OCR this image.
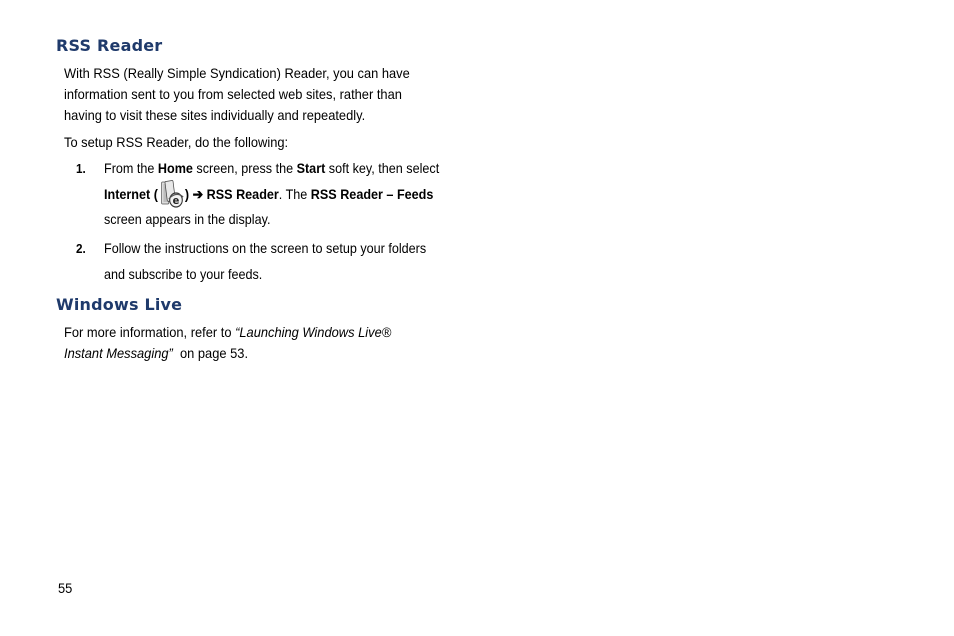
RSS Reader

With RSS (Really Simple Syndication) Reader, you can have
information sent to you from selected web sites, rather than
having to visit these sites individually and repeatedly.

To setup RSS Reader, do the following:

1. From the Home screen, press the Start soft key, then select
Internet ( e ) ➔ RSS Reader. The RSS Reader – Feeds
screen appears in the display.
2. Follow the instructions on the screen to setup your folders
and subscribe to your feeds.
Windows Live

For more information, refer to “Launching Windows Live®
Instant Messaging”  on page 53.

55
